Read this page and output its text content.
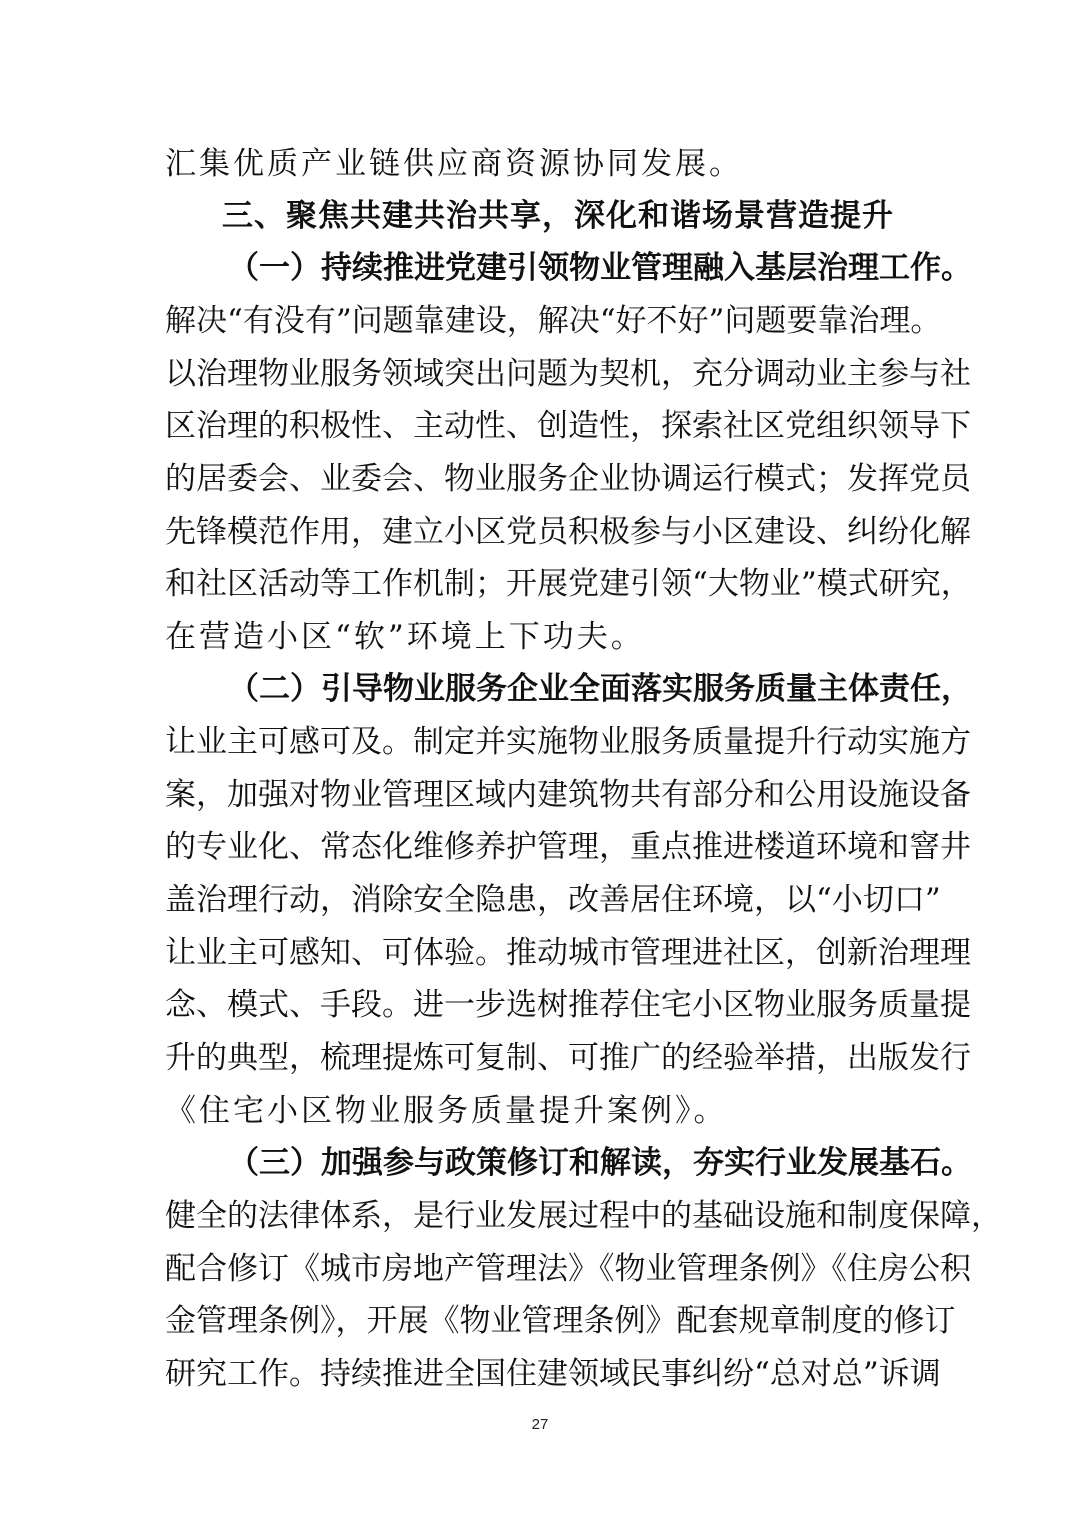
汇集优质产业链供应商资源协同发展。
三、聚焦共建共治共享，深化和谐场景营造提升
（一）持续推进党建引领物业管理融入基层治理工作。
解决“有没有”问题靠建设，解决“好不好”问题要靠治理。
以治理物业服务领域突出问题为契机，充分调动业主参与社
区治理的积极性、主动性、创造性，探索社区党组织领导下
的居委会、业委会、物业服务企业协调运行模式；发挥党员
先锋模范作用，建立小区党员积极参与小区建设、纠纷化解
和社区活动等工作机制；开展党建引领“大物业”模式研究，
在营造小区“软”环境上下功夫。
（二）引导物业服务企业全面落实服务质量主体责任，
让业主可感可及。制定并实施物业服务质量提升行动实施方
案，加强对物业管理区域内建筑物共有部分和公用设施设备
的专业化、常态化维修养护管理，重点推进楼道环境和窨井
盖治理行动，消除安全隐患，改善居住环境，以“小切口”
让业主可感知、可体验。推动城市管理进社区，创新治理理
念、模式、手段。进一步选树推荐住宅小区物业服务质量提
升的典型，梳理提炼可复制、可推广的经验举措，出版发行
《住宅小区物业服务质量提升案例》。
（三）加强参与政策修订和解读，夯实行业发展基石。
健全的法律体系，是行业发展过程中的基础设施和制度保障，
配合修订《城市房地产管理法》《物业管理条例》《住房公积
金管理条例》，开展《物业管理条例》配套规章制度的修订
研究工作。持续推进全国住建领域民事纠纷“总对总”诉调
27
